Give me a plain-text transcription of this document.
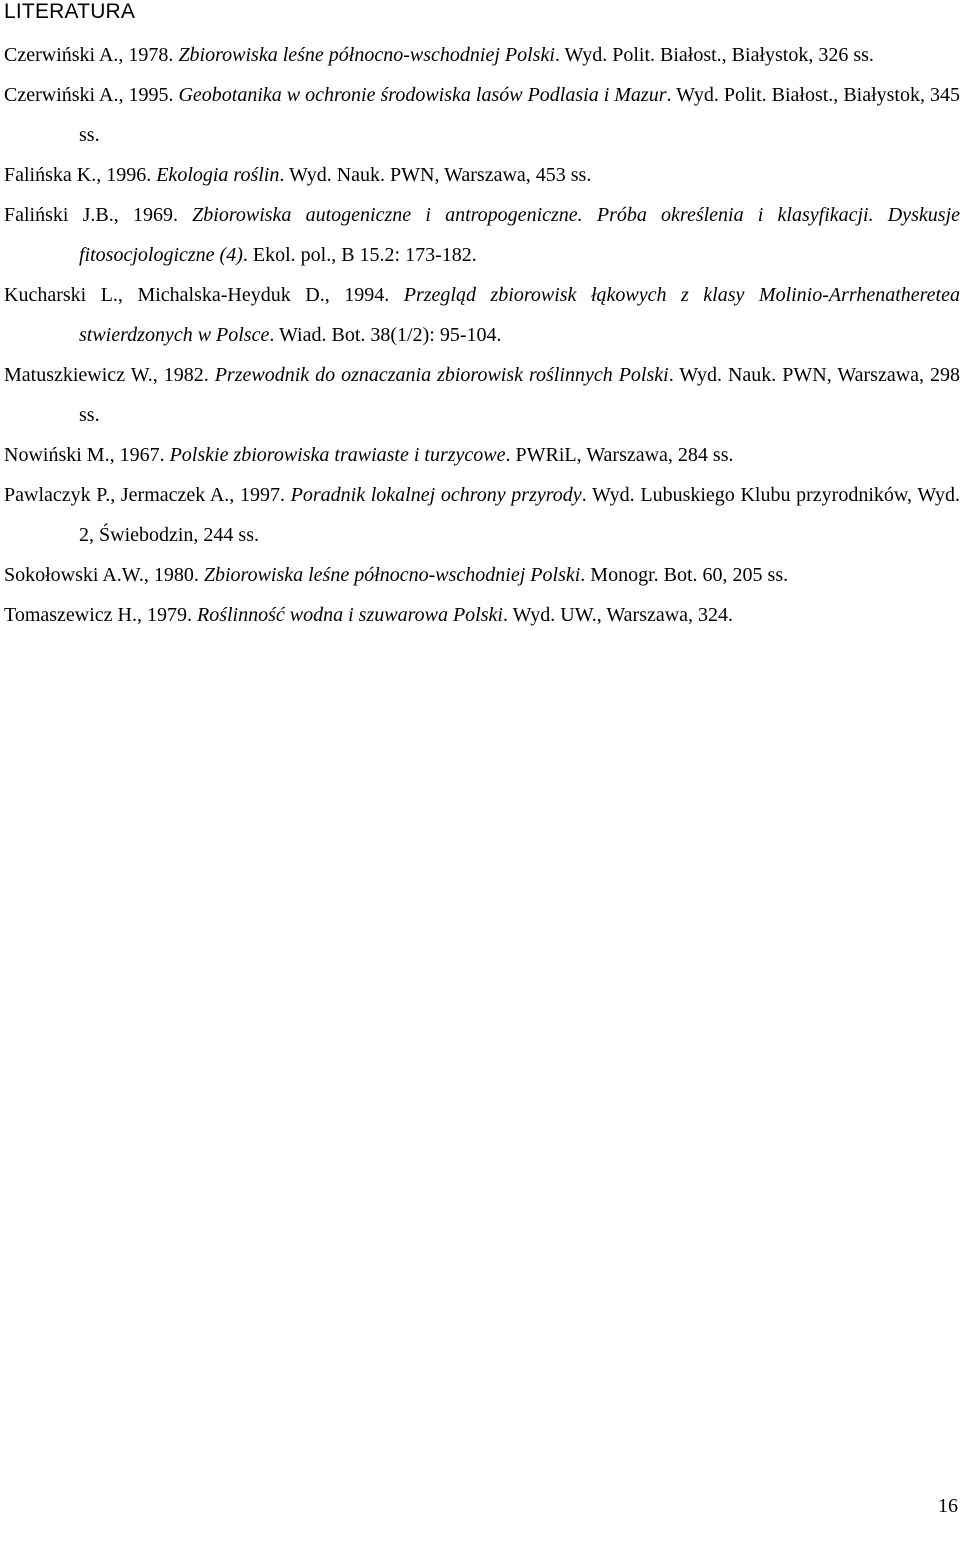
LITERATURA
Czerwiński A., 1978. Zbiorowiska leśne północno-wschodniej Polski. Wyd. Polit. Białost., Białystok, 326 ss.
Czerwiński A., 1995. Geobotanika w ochronie środowiska lasów Podlasia i Mazur. Wyd. Polit. Białost., Białystok, 345 ss.
Falińska K., 1996. Ekologia roślin. Wyd. Nauk. PWN, Warszawa, 453 ss.
Faliński J.B., 1969. Zbiorowiska autogeniczne i antropogeniczne. Próba określenia i klasyfikacji. Dyskusje fitosocjologiczne (4). Ekol. pol., B 15.2: 173-182.
Kucharski L., Michalska-Heyduk D., 1994. Przegląd zbiorowisk łąkowych z klasy Molinio-Arrhenatheretea stwierdzonych w Polsce. Wiad. Bot. 38(1/2): 95-104.
Matuszkiewicz W., 1982. Przewodnik do oznaczania zbiorowisk roślinnych Polski. Wyd. Nauk. PWN, Warszawa, 298 ss.
Nowiński M., 1967. Polskie zbiorowiska trawiaste i turzycowe. PWRiL, Warszawa, 284 ss.
Pawlaczyk P., Jermaczek A., 1997. Poradnik lokalnej ochrony przyrody. Wyd. Lubuskiego Klubu przyrodników, Wyd. 2, Świebodzin, 244 ss.
Sokołowski A.W., 1980. Zbiorowiska leśne północno-wschodniej Polski. Monogr. Bot. 60, 205 ss.
Tomaszewicz H., 1979. Roślinność wodna i szuwarowa Polski. Wyd. UW., Warszawa, 324.
16
